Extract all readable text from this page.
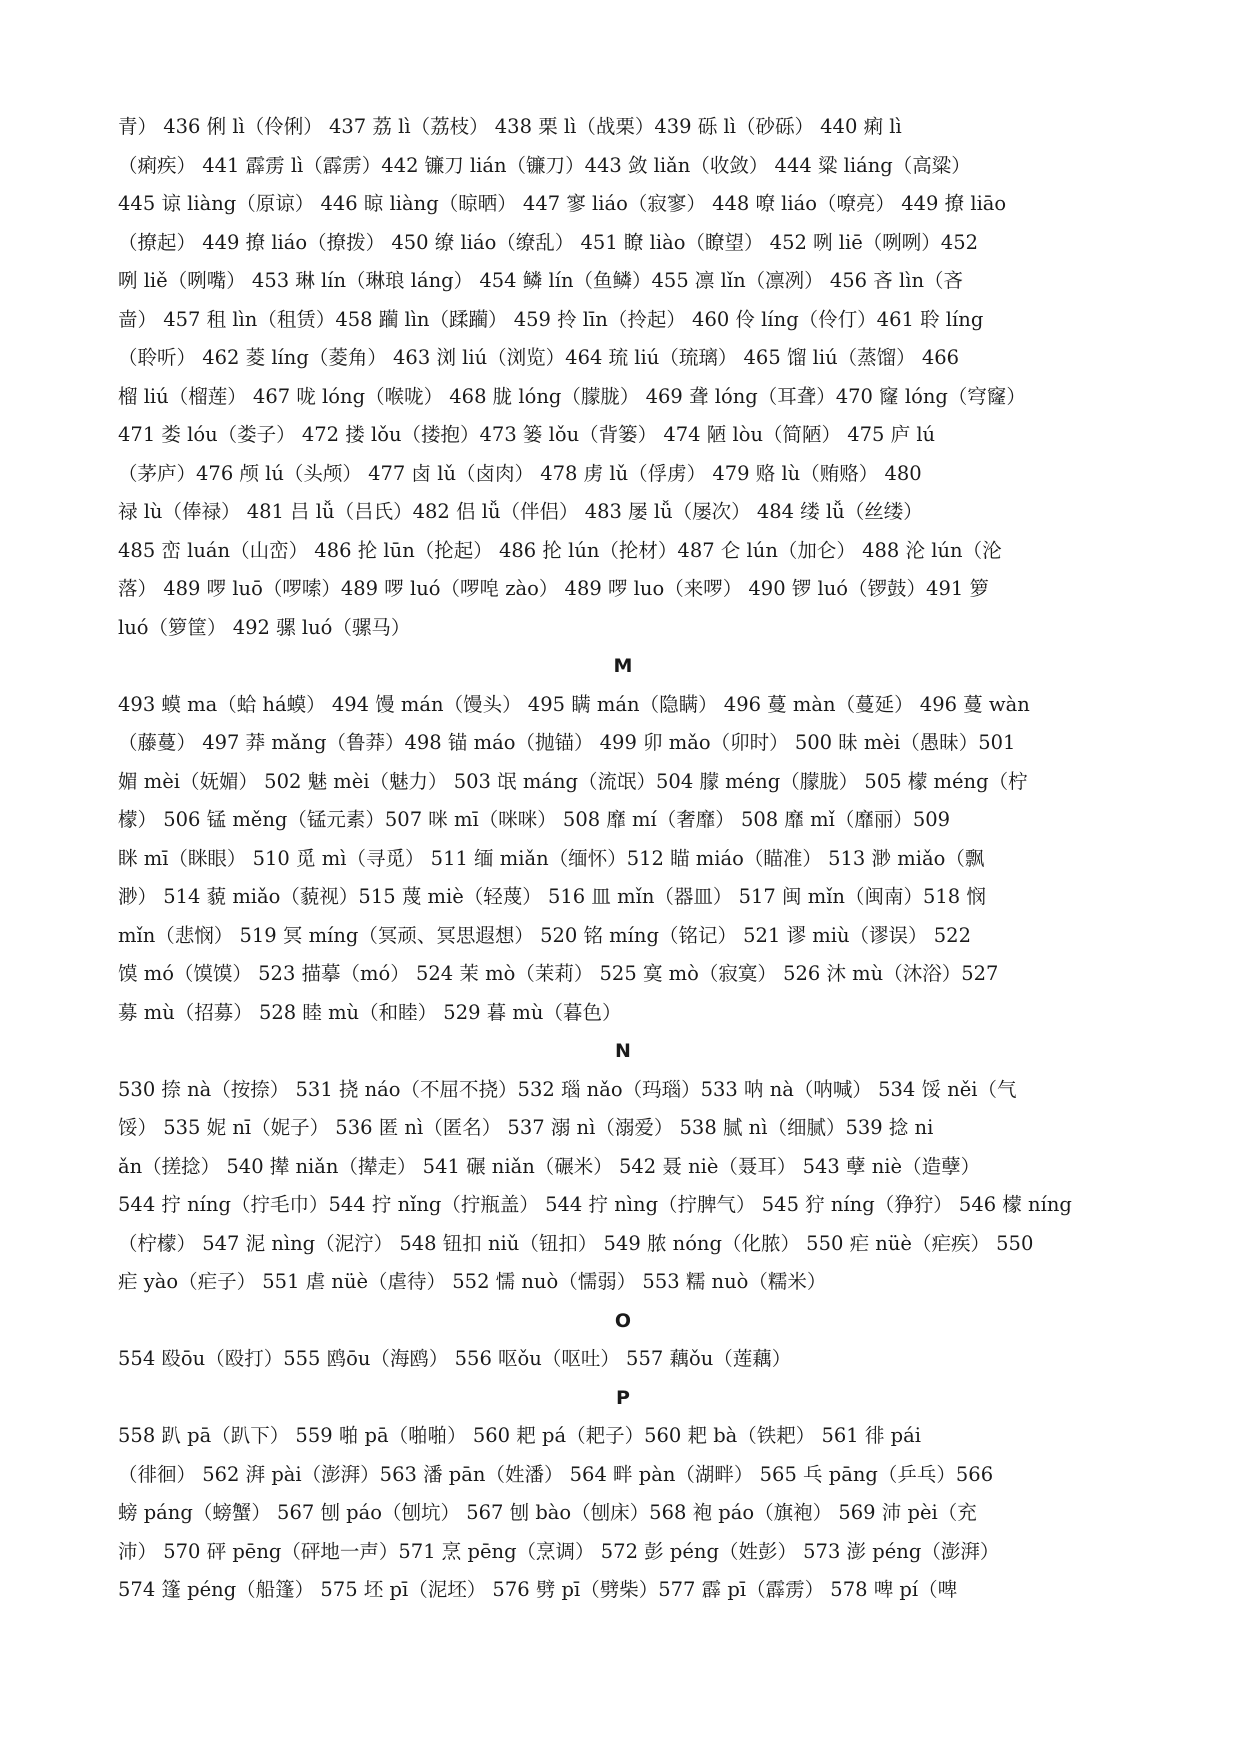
青） 436 俐 lì（伶俐） 437 荔 lì（荔枝） 438 栗 lì（战栗）439 砾 lì（砂砾） 440 痢 lì
（痢疾） 441 霹雳 lì（霹雳）442 镰刀 lián（镰刀）443 敛 liǎn（收敛） 444 粱 liáng（高粱）
445 谅 liàng（原谅） 446 晾 liàng（晾晒） 447 寥 liáo（寂寥） 448 嘹 liáo（嘹亮） 449 撩 liāo
（撩起） 449 撩 liáo（撩拨） 450 缭 liáo（缭乱） 451 瞭 liào（瞭望） 452 咧 liē（咧咧）452
咧 liě（咧嘴） 453 琳 lín（琳琅 láng） 454 鳞 lín（鱼鳞）455 凛 lǐn（凛冽） 456 吝 lìn（吝
啬） 457 租 lìn（租赁）458 躏 lìn（蹂躏） 459 拎 līn（拎起） 460 伶 líng（伶仃）461 聆 líng
（聆听） 462 菱 líng（菱角） 463 浏 liú（浏览）464 琉 liú（琉璃） 465 馏 liú（蒸馏） 466
榴 liú（榴莲） 467 咙 lóng（喉咙） 468 胧 lóng（朦胧） 469 聋 lóng（耳聋）470 窿 lóng（穹窿）
471 娄 lóu（娄子） 472 搂 lǒu（搂抱）473 篓 lǒu（背篓） 474 陋 lòu（简陋） 475 庐 lú
（茅庐）476 颅 lú（头颅） 477 卤 lǔ（卤肉） 478 虏 lǔ（俘虏） 479 赂 lù（贿赂） 480
禄 lù（俸禄） 481 吕 lǚ（吕氏）482 侣 lǚ（伴侣） 483 屡 lǚ（屡次） 484 缕 lǚ（丝缕）
485 峦 luán（山峦） 486 抡 lūn（抡起） 486 抡 lún（抡材）487 仑 lún（加仑） 488 沦 lún（沦
落） 489 啰 luō（啰嗦）489 啰 luó（啰唣 zào） 489 啰 luo（来啰） 490 锣 luó（锣鼓）491 箩
luó（箩筐） 492 骡 luó（骡马）
M
493 蟆 ma（蛤 há蟆） 494 馒 mán（馒头） 495 瞒 mán（隐瞒） 496 蔓 màn（蔓延） 496 蔓 wàn
（藤蔓） 497 莽 mǎng（鲁莽）498 锚 máo（抛锚） 499 卯 mǎo（卯时） 500 昧 mèi（愚昧）501
媚 mèi（妩媚） 502 魅 mèi（魅力） 503 氓 máng（流氓）504 朦 méng（朦胧） 505 檬 méng（柠
檬） 506 锰 měng（锰元素）507 咪 mī（咪咪） 508 靡 mí（奢靡） 508 靡 mǐ（靡丽）509
眯 mī（眯眼） 510 觅 mì（寻觅） 511 缅 miǎn（缅怀）512 瞄 miáo（瞄准） 513 渺 miǎo（飘
渺） 514 藐 miǎo（藐视）515 蔑 miè（轻蔑） 516 皿 mǐn（器皿） 517 闽 mǐn（闽南）518 悯
mǐn（悲悯） 519 冥 míng（冥顽、冥思遐想） 520 铭 míng（铭记） 521 谬 miù（谬误） 522
馍 mó（馍馍） 523 描摹（mó） 524 茉 mò（茉莉） 525 寞 mò（寂寞） 526 沐 mù（沐浴）527
募 mù（招募） 528 睦 mù（和睦） 529 暮 mù（暮色）
N
530 捺 nà（按捺） 531 挠 náo（不屈不挠）532 瑙 nǎo（玛瑙）533 呐 nà（呐喊） 534 馁 něi（气
馁） 535 妮 nī（妮子） 536 匿 nì（匿名） 537 溺 nì（溺爱） 538 腻 nì（细腻）539 捻 ni
ǎn（搓捻） 540 撵 niǎn（撵走） 541 碾 niǎn（碾米） 542 聂 niè（聂耳） 543 孽 niè（造孽）
544 拧 níng（拧毛巾）544 拧 nǐng（拧瓶盖） 544 拧 nìng（拧脾气） 545 狞 níng（狰狞） 546 檬 níng
（柠檬） 547 泥 nìng（泥泞） 548 钮扣 niǔ（钮扣） 549 脓 nóng（化脓） 550 疟 nüè（疟疾） 550
疟 yào（疟子） 551 虐 nüè（虐待） 552 懦 nuò（懦弱） 553 糯 nuò（糯米）
O
554 殴ōu（殴打）555 鸥ōu（海鸥） 556 呕ǒu（呕吐） 557 藕ǒu（莲藕）
P
558 趴 pā（趴下） 559 啪 pā（啪啪） 560 耙 pá（耙子）560 耙 bà（铁耙） 561 徘 pái
（徘徊） 562 湃 pài（澎湃）563 潘 pān（姓潘） 564 畔 pàn（湖畔） 565 乓 pāng（乒乓）566
螃 páng（螃蟹） 567 刨 páo（刨坑） 567 刨 bào（刨床）568 袍 páo（旗袍） 569 沛 pèi（充
沛） 570 砰 pēng（砰地一声）571 烹 pēng（烹调） 572 彭 péng（姓彭） 573 澎 péng（澎湃）
574 篷 péng（船篷） 575 坯 pī（泥坯） 576 劈 pī（劈柴）577 霹 pī（霹雳） 578 啤 pí（啤
